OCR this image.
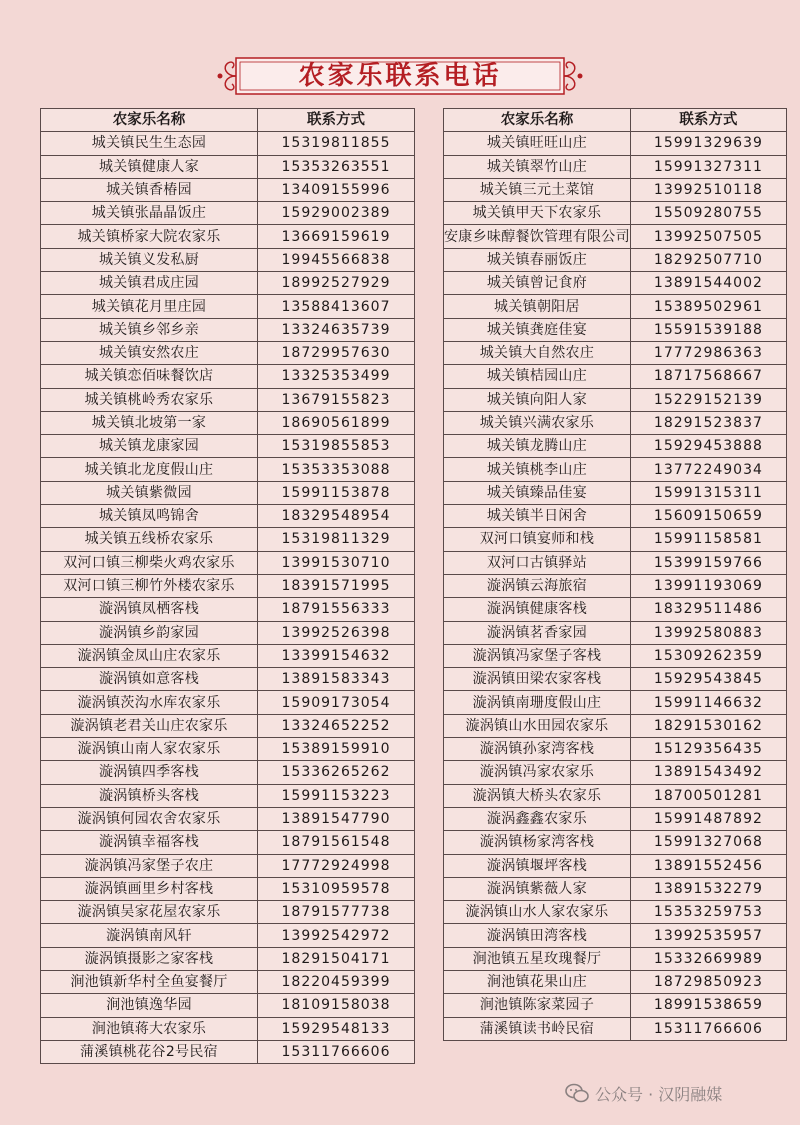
农家乐联系电话
农家乐名称	联系方式
城关镇民生生态园	15319811855
城关镇健康人家	15353263551
城关镇香椿园	13409155996
城关镇张晶晶饭庄	15929002389
城关镇桥家大院农家乐	13669159619
城关镇义发私厨	19945566838
城关镇君成庄园	18992527929
城关镇花月里庄园	13588413607
城关镇乡邻乡亲	13324635739
城关镇安然农庄	18729957630
城关镇恋佰味餐饮店	13325353499
城关镇桃岭秀农家乐	13679155823
城关镇北坡第一家	18690561899
城关镇龙康家园	15319855853
城关镇北龙度假山庄	15353353088
城关镇紫微园	15991153878
城关镇凤鸣锦舍	18329548954
城关镇五线桥农家乐	15319811329
双河口镇三柳柴火鸡农家乐	13991530710
双河口镇三柳竹外楼农家乐	18391571995
漩涡镇凤栖客栈	18791556333
漩涡镇乡韵家园	13992526398
漩涡镇金凤山庄农家乐	13399154632
漩涡镇如意客栈	13891583343
漩涡镇茨沟水库农家乐	15909173054
漩涡镇老君关山庄农家乐	13324652252
漩涡镇山南人家农家乐	15389159910
漩涡镇四季客栈	15336265262
漩涡镇桥头客栈	15991153223
漩涡镇何园农舍农家乐	13891547790
漩涡镇幸福客栈	18791561548
漩涡镇冯家堡子农庄	17772924998
漩涡镇画里乡村客栈	15310959578
漩涡镇吴家花屋农家乐	18791577738
漩涡镇南风轩	13992542972
漩涡镇摄影之家客栈	18291504171
涧池镇新华村全鱼宴餐厅	18220459399
涧池镇逸华园	18109158038
涧池镇蒋大农家乐	15929548133
蒲溪镇桃花谷2号民宿	15311766606
农家乐名称	联系方式
城关镇旺旺山庄	15991329639
城关镇翠竹山庄	15991327311
城关镇三元土菜馆	13992510118
城关镇甲天下农家乐	15509280755
安康乡味醇餐饮管理有限公司	13992507505
城关镇春丽饭庄	18292507710
城关镇曾记食府	13891544002
城关镇朝阳居	15389502961
城关镇龚庭佳宴	15591539188
城关镇大自然农庄	17772986363
城关镇桔园山庄	18717568667
城关镇向阳人家	15229152139
城关镇兴满农家乐	18291523837
城关镇龙腾山庄	15929453888
城关镇桃李山庄	13772249034
城关镇臻品佳宴	15991315311
城关镇半日闲舍	15609150659
双河口镇宴师和栈	15991158581
双河口古镇驿站	15399159766
漩涡镇云海旅宿	13991193069
漩涡镇健康客栈	18329511486
漩涡镇茗香家园	13992580883
漩涡镇冯家堡子客栈	15309262359
漩涡镇田梁农家客栈	15929543845
漩涡镇南珊度假山庄	15991146632
漩涡镇山水田园农家乐	18291530162
漩涡镇孙家湾客栈	15129356435
漩涡镇冯家农家乐	13891543492
漩涡镇大桥头农家乐	18700501281
漩涡鑫鑫农家乐	15991487892
漩涡镇杨家湾客栈	15991327068
漩涡镇堰坪客栈	13891552456
漩涡镇紫薇人家	13891532279
漩涡镇山水人家农家乐	15353259753
漩涡镇田湾客栈	13992535957
涧池镇五星玫瑰餐厅	15332669989
涧池镇花果山庄	18729850923
涧池镇陈家菜园子	18991538659
蒲溪镇读书岭民宿	15311766606
公众号 · 汉阴融媒
